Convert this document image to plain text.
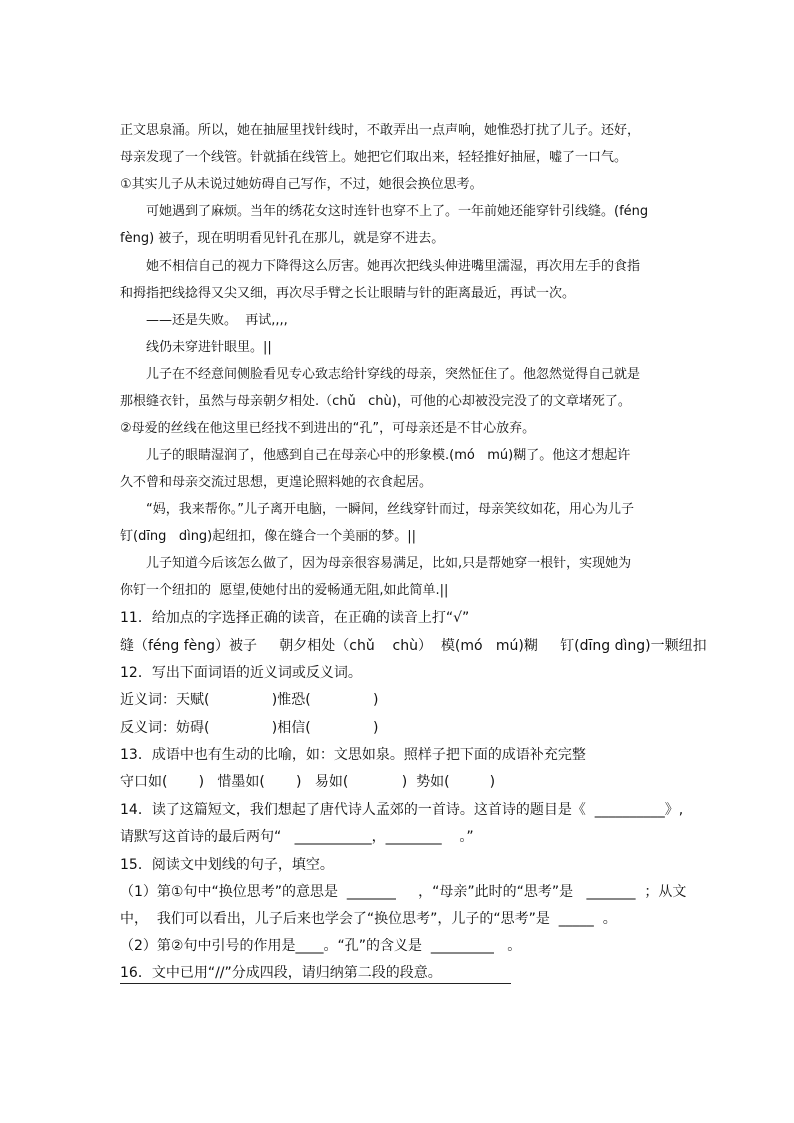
正文思泉涌。所以，她在抽屉里找针线时，不敢弄出一点声响，她惟恐打扰了儿子。还好，
母亲发现了一个线管。针就插在线管上。她把它们取出来，轻轻推好抽屉，嘘了一口气。
①其实儿子从未说过她妨碍自己写作，不过，她很会换位思考。
可她遇到了麻烦。当年的绣花女这时连针也穿不上了。一年前她还能穿针引线缝。(féng
fèng) 被子，现在明明看见针孔在那儿，就是穿不进去。
她不相信自己的视力下降得这么厉害。她再次把线头伸进嘴里濡湿，再次用左手的食指
和拇指把线捻得又尖又细，再次尽手臂之长让眼睛与针的距离最近，再试一次。
——还是失败。  再试,,,,
线仍未穿进针眼里。||
儿子在不经意间侧脸看见专心致志给针穿线的母亲，突然怔住了。他忽然觉得自己就是
那根缝衣针，虽然与母亲朝夕相处.（chǔ   chù)，可他的心却被没完没了的文章堵死了。
②母爱的丝线在他这里已经找不到进出的“孔”，可母亲还是不甘心放弃。
儿子的眼睛湿润了，他感到自己在母亲心中的形象模.(mó   mú)糊了。他这才想起许
久不曾和母亲交流过思想，更遑论照料她的衣食起居。
“妈，我来帮你。”儿子离开电脑，一瞬间，丝线穿针而过，母亲笑纹如花，用心为儿子
钉(dīng   dìng)起纽扣，像在缝合一个美丽的梦。||
儿子知道今后该怎么做了，因为母亲很容易满足，比如,只是帮她穿一根针，实现她为
你钉一个纽扣的  愿望,使她付出的爱畅通无阻,如此简单.||
11．给加点的字选择正确的读音，在正确的读音上打“√”
缝（féng fèng）被子     朝夕相处（chǔ    chù）  模(mó   mú)糊     钉(dīng dìng)一颗纽扣
12．写出下面词语的近义词或反义词。
近义词：天赋(              )惟恐(              )
反义词：妨碍(              )相信(              )
13．成语中也有生动的比喻，如：文思如泉。照样子把下面的成语补充完整
守口如(       )   惜墨如(       )   易如(            )  势如(         )
14．读了这篇短文，我们想起了唐代诗人孟郊的一首诗。这首诗的题目是《  __________》,
请默写这首诗的最后两句“   ___________，________    。”
15．阅读文中划线的句子，填空。
（1）第①句中“换位思考”的意思是  _______     ，“母亲”此时的“思考”是   _______  ；从文
中，  我们可以看出，儿子后来也学会了“换位思考”，儿子的“思考”是  _____  。
（2）第②句中引号的作用是____。“孔”的含义是  _________   。
16．文中已用“//”分成四段，请归纳第二段的段意。
